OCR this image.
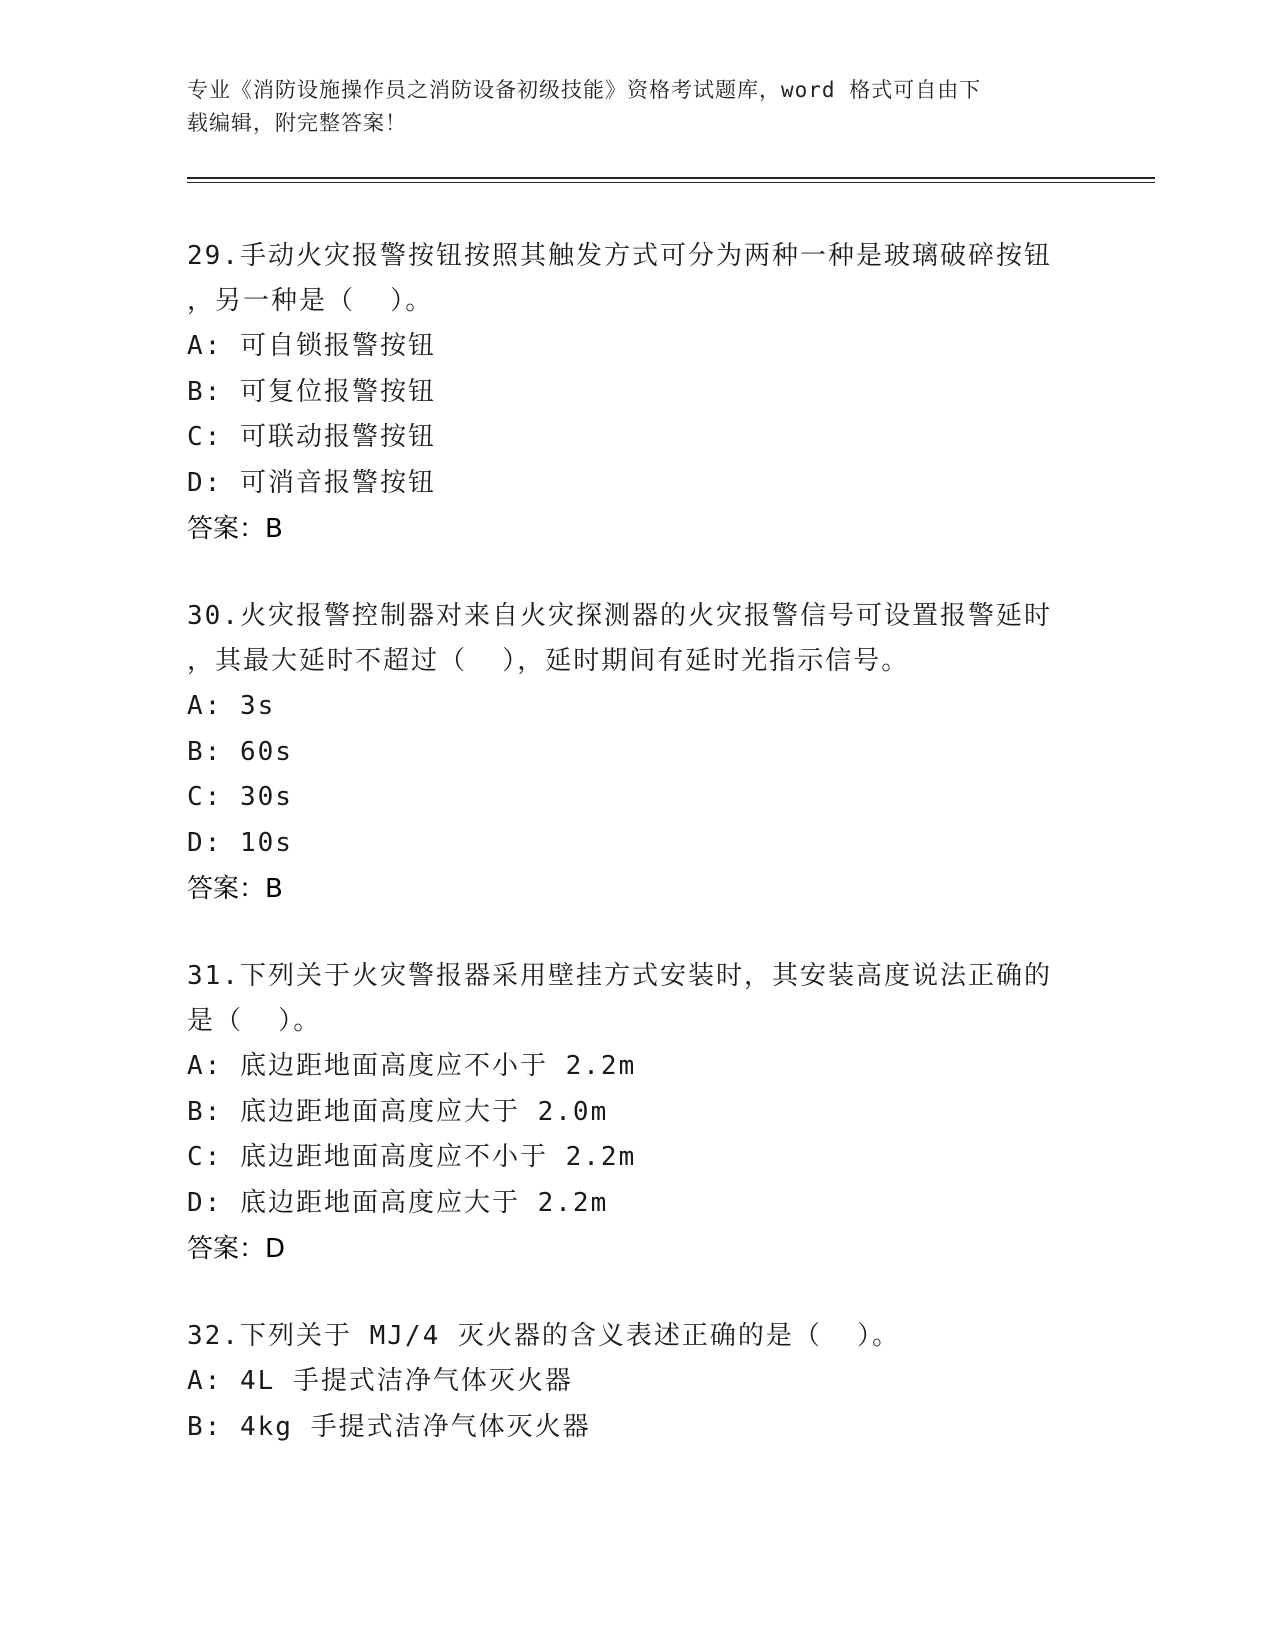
专业《消防设施操作员之消防设备初级技能》资格考试题库，word 格式可自由下
载编辑，附完整答案！

29.手动火灾报警按钮按照其触发方式可分为两种一种是玻璃破碎按钮

，另一种是（  ）。

A: 可自锁报警按钮

B: 可复位报警按钮

C: 可联动报警按钮

D: 可消音报警按钮

答案：B

30.火灾报警控制器对来自火灾探测器的火灾报警信号可设置报警延时

，其最大延时不超过（  ），延时期间有延时光指示信号。

A: 3s

B: 60s

C: 30s

D: 10s

答案：B

31.下列关于火灾警报器采用壁挂方式安装时，其安装高度说法正确的

是（  ）。

A: 底边距地面高度应不小于 2.2m

B: 底边距地面高度应大于 2.0m

C: 底边距地面高度应不小于 2.2m

D: 底边距地面高度应大于 2.2m

答案：D

32.下列关于 MJ/4 灭火器的含义表述正确的是（  ）。

A: 4L 手提式洁净气体灭火器

B: 4kg 手提式洁净气体灭火器
